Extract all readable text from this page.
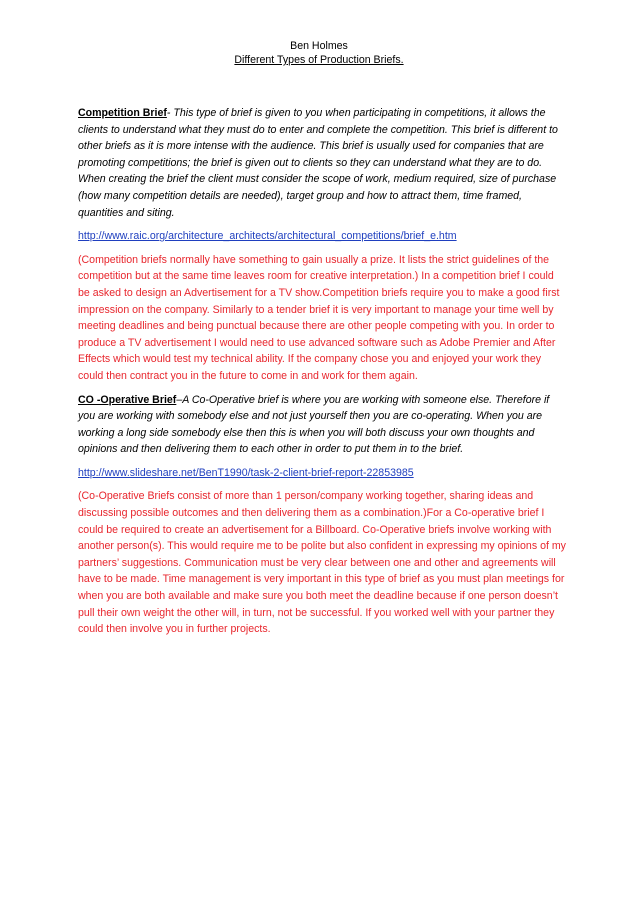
Ben Holmes
Different Types of Production Briefs.

Competition Brief- This type of brief is given to you when participating in competitions, it allows the clients to understand what they must do to enter and complete the competition. This brief is different to other briefs as it is more intense with the audience. This brief is usually used for companies that are promoting competitions; the brief is given out to clients so they can understand what they are to do. When creating the brief the client must consider the scope of work, medium required, size of purchase (how many competition details are needed), target group and how to attract them, time framed, quantities and siting.

http://www.raic.org/architecture_architects/architectural_competitions/brief_e.htm

(Competition briefs normally have something to gain usually a prize. It lists the strict guidelines of the competition but at the same time leaves room for creative interpretation.) In a competition brief I could be asked to design an Advertisement for a TV show.Competition briefs require you to make a good first impression on the company. Similarly to a tender brief it is very important to manage your time well by meeting deadlines and being punctual because there are other people competing with you. In order to produce a TV advertisement I would need to use advanced software such as Adobe Premier and After Effects which would test my technical ability. If the company chose you and enjoyed your work they could then contract you in the future to come in and work for them again.

CO -Operative Brief–A Co-Operative brief is where you are working with someone else. Therefore if you are working with somebody else and not just yourself then you are co-operating. When you are working a long side somebody else then this is when you will both discuss your own thoughts and opinions and then delivering them to each other in order to put them in to the brief.

http://www.slideshare.net/BenT1990/task-2-client-brief-report-22853985

(Co-Operative Briefs consist of more than 1 person/company working together, sharing ideas and discussing possible outcomes and then delivering them as a combination.)For a Co-operative brief I could be required to create an advertisement for a Billboard. Co-Operative briefs involve working with another person(s). This would require me to be polite but also confident in expressing my opinions of my partners’ suggestions. Communication must be very clear between one and other and agreements will have to be made. Time management is very important in this type of brief as you must plan meetings for when you are both available and make sure you both meet the deadline because if one person doesn’t pull their own weight the other will, in turn, not be successful. If you worked well with your partner they could then involve you in further projects.
